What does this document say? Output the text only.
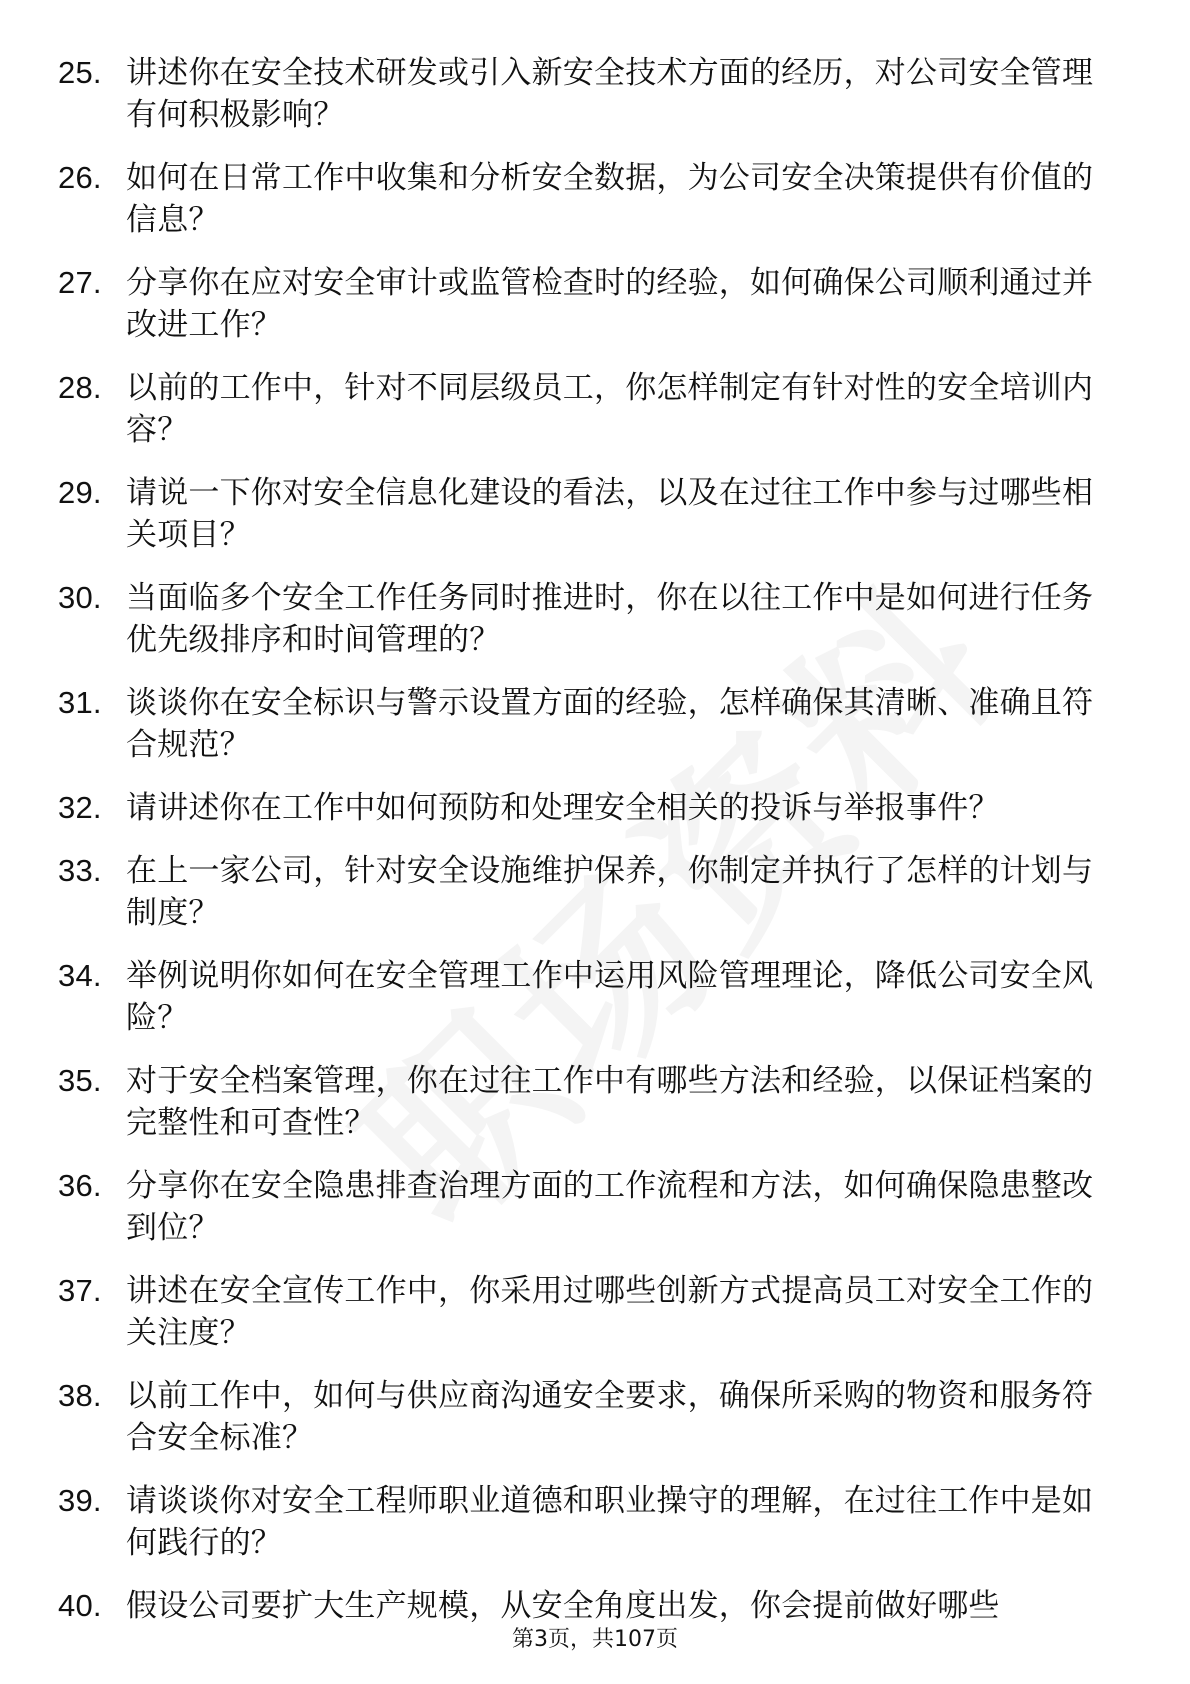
25. 讲述你在安全技术研发或引入新安全技术方面的经历，对公司安全管理有何积极影响？
26. 如何在日常工作中收集和分析安全数据，为公司安全决策提供有价值的信息？
27. 分享你在应对安全审计或监管检查时的经验，如何确保公司顺利通过并改进工作？
28. 以前的工作中，针对不同层级员工，你怎样制定有针对性的安全培训内容？
29. 请说一下你对安全信息化建设的看法，以及在过往工作中参与过哪些相关项目？
30. 当面临多个安全工作任务同时推进时，你在以往工作中是如何进行任务优先级排序和时间管理的？
31. 谈谈你在安全标识与警示设置方面的经验，怎样确保其清晰、准确且符合规范？
32. 请讲述你在工作中如何预防和处理安全相关的投诉与举报事件？
33. 在上一家公司，针对安全设施维护保养，你制定并执行了怎样的计划与制度？
34. 举例说明你如何在安全管理工作中运用风险管理理论，降低公司安全风险？
35. 对于安全档案管理，你在过往工作中有哪些方法和经验，以保证档案的完整性和可查性？
36. 分享你在安全隐患排查治理方面的工作流程和方法，如何确保隐患整改到位？
37. 讲述在安全宣传工作中，你采用过哪些创新方式提高员工对安全工作的关注度？
38. 以前工作中，如何与供应商沟通安全要求，确保所采购的物资和服务符合安全标准？
39. 请谈谈你对安全工程师职业道德和职业操守的理解，在过往工作中是如何践行的？
40. 假设公司要扩大生产规模，从安全角度出发，你会提前做好哪些
第3页，共107页
